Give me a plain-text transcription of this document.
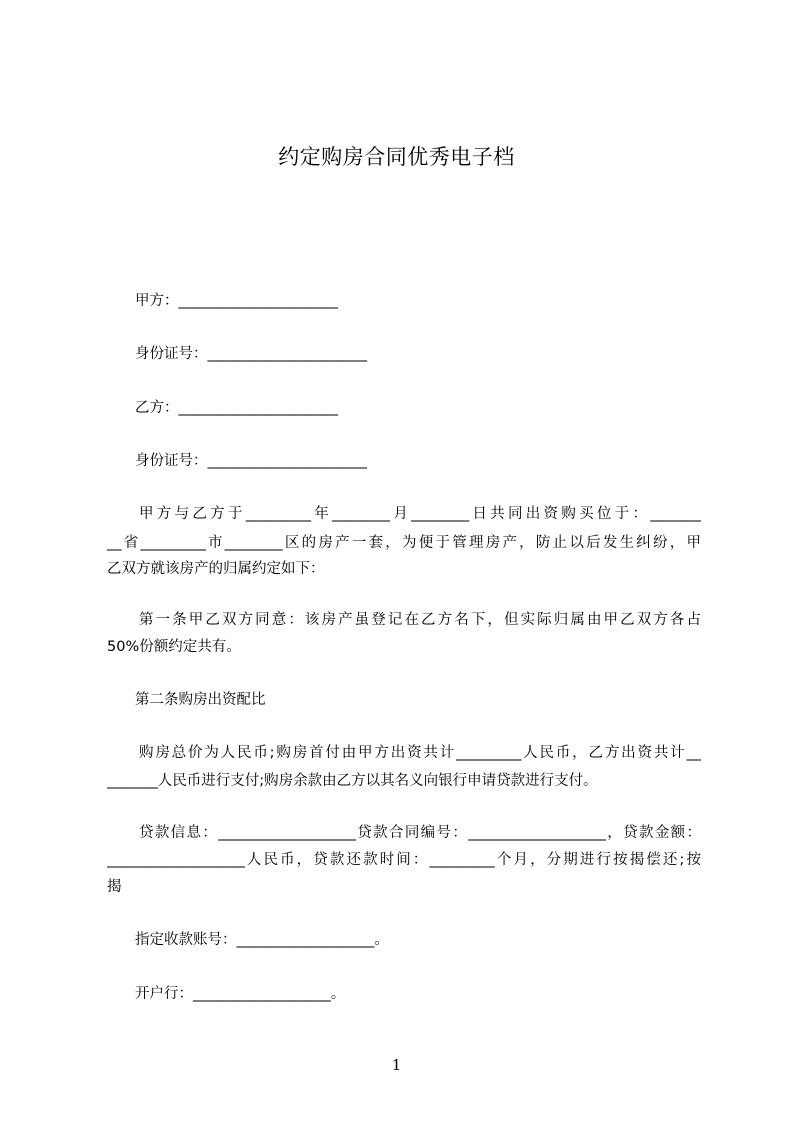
约定购房合同优秀电子档
甲方：______________________
身份证号：______________________
乙方：______________________
身份证号：______________________
甲方与乙方于_________年________月________日共同出资购买位于：_______
__省_________市________区的房产一套，为便于管理房产，防止以后发生纠纷，甲
乙双方就该房产的归属约定如下：
第一条甲乙双方同意：该房产虽登记在乙方名下，但实际归属由甲乙双方各占
50%份额约定共有。
第二条购房出资配比
购房总价为人民币;购房首付由甲方出资共计_________人民币，乙方出资共计__
_______人民币进行支付;购房余款由乙方以其名义向银行申请贷款进行支付。
贷款信息：___________________贷款合同编号：___________________，贷款金额：
___________________人民币，贷款还款时间：_________个月，分期进行按揭偿还;按
揭
指定收款账号：___________________。
开户行：___________________。
1
